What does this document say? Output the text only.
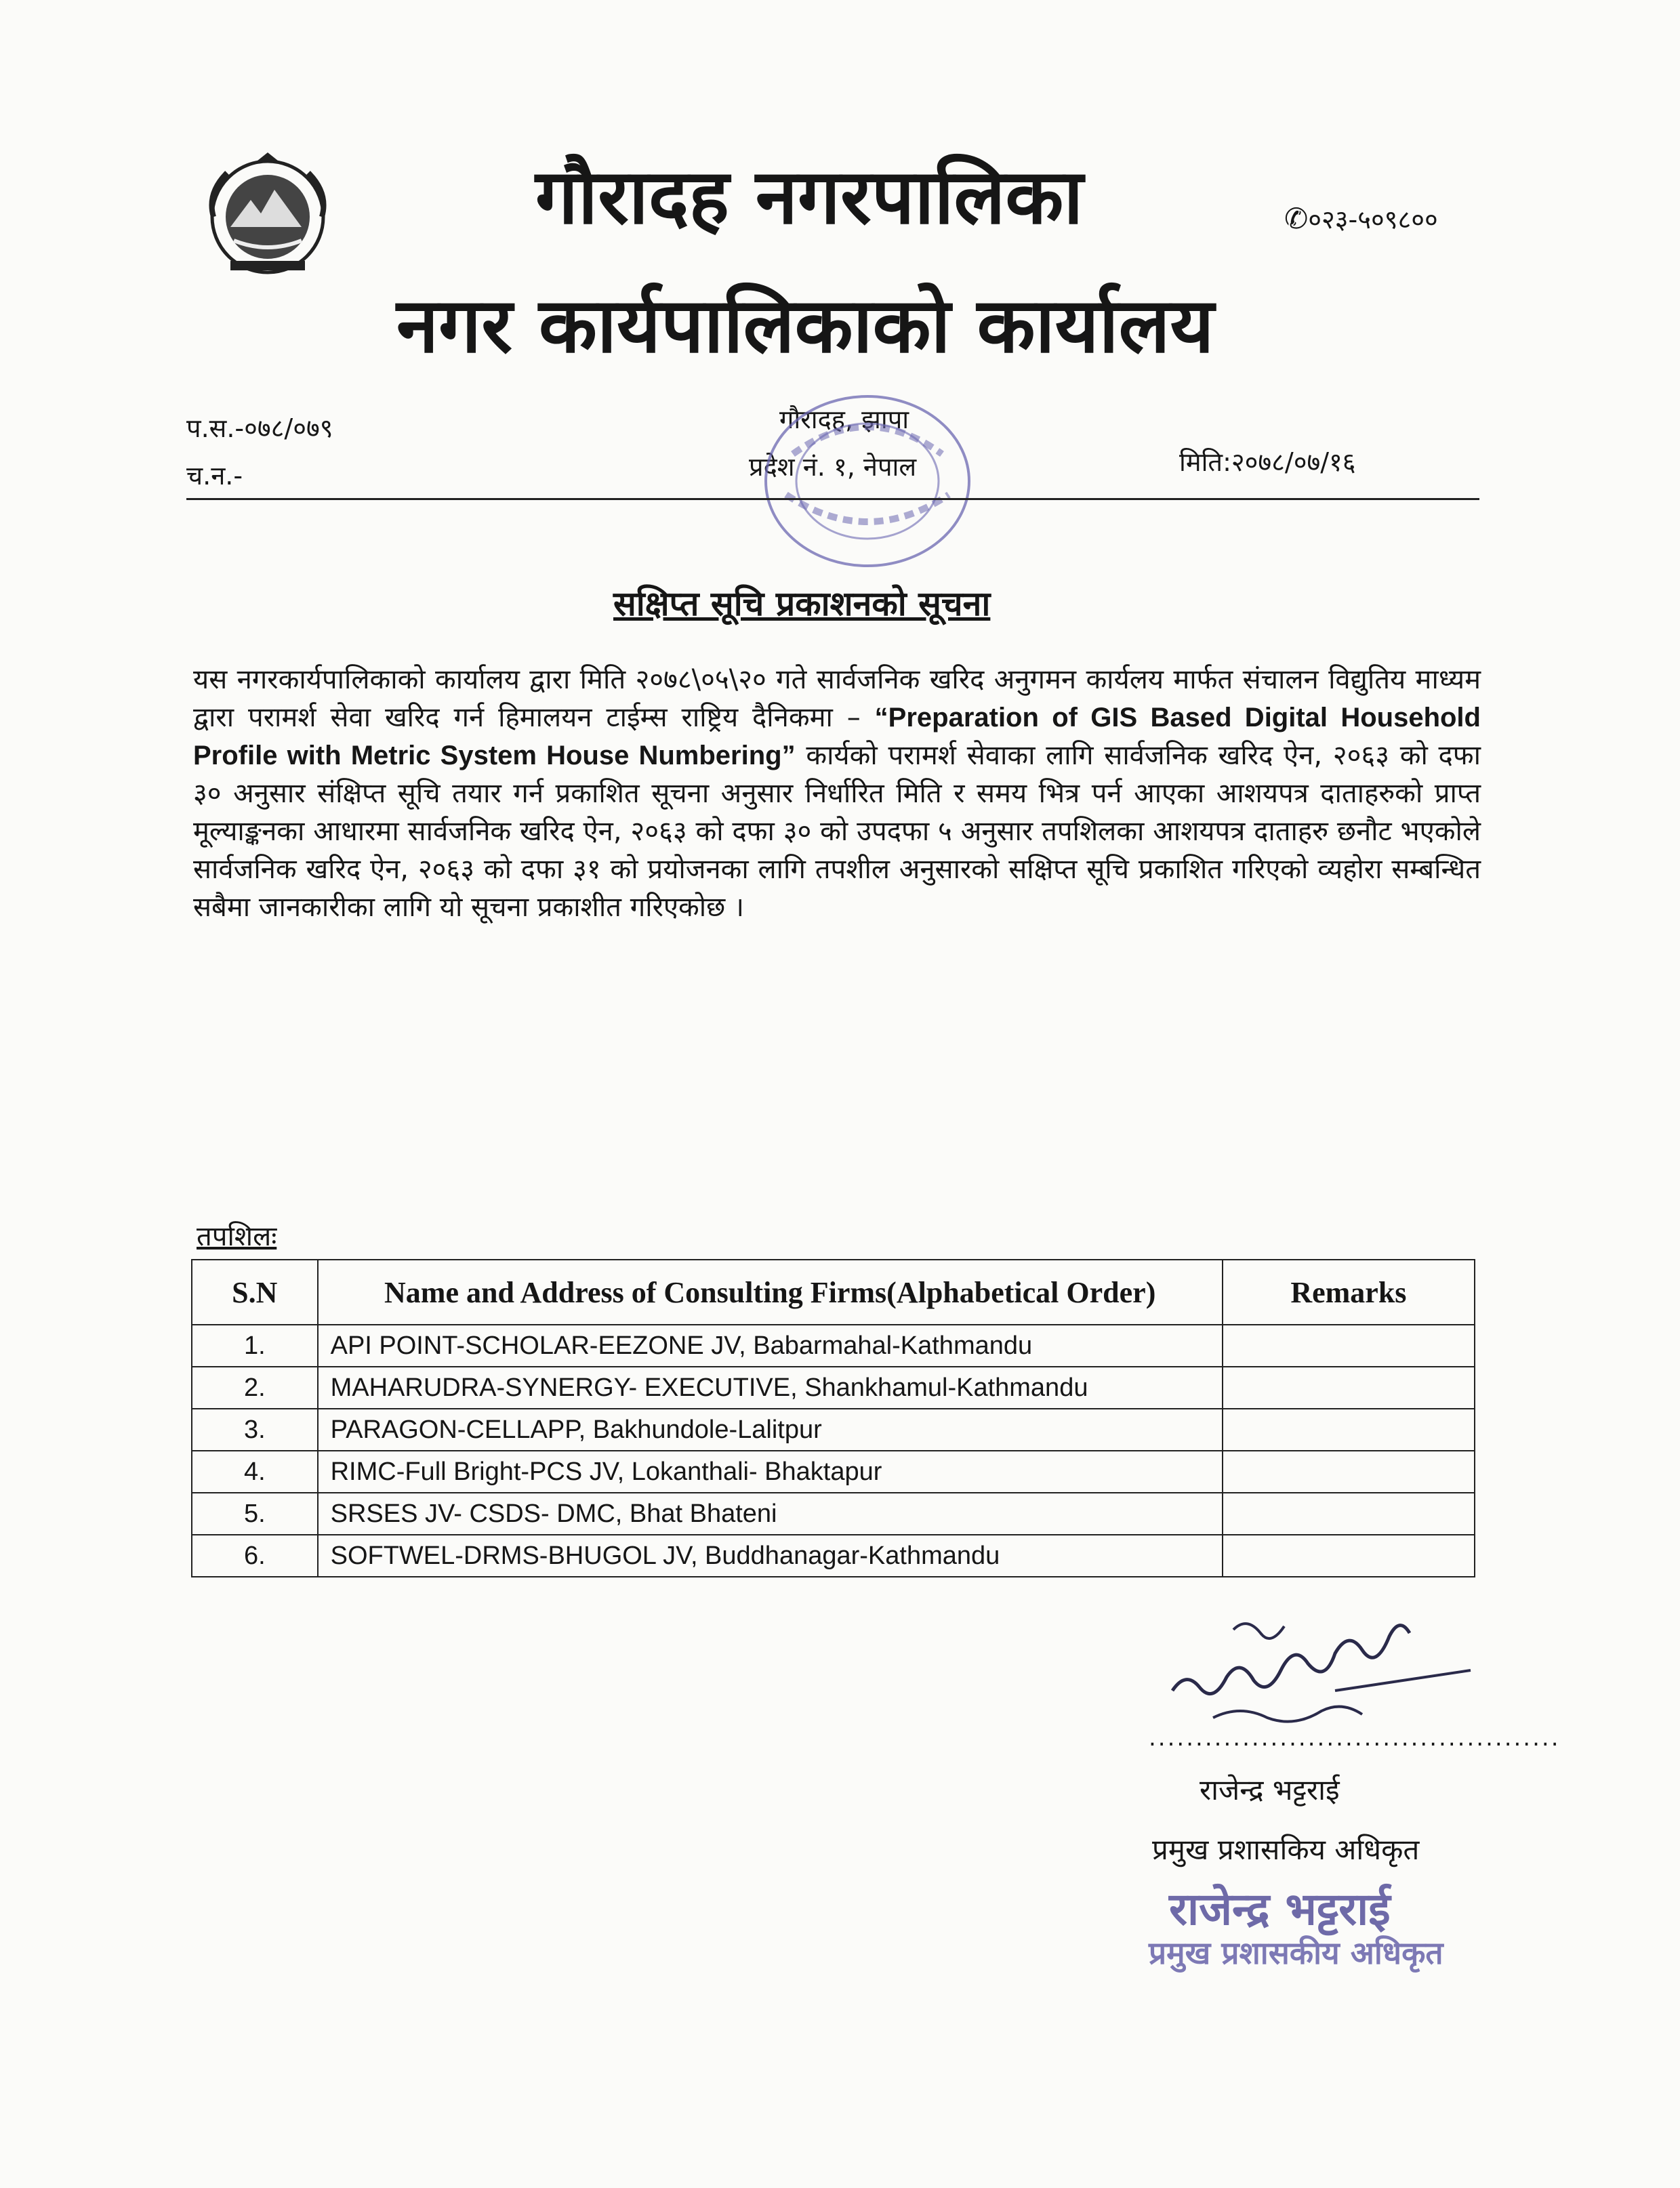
गौरादह नगरपालिका
नगर कार्यपालिकाको कार्यालय
✆०२३-५०९८००
प.स.-०७८/०७९
च.न.-
गौरादह, झापा
प्रदेश नं. १, नेपाल	मिति:२०७८/०७/१६
सक्षिप्त सूचि प्रकाशनको सूचना

यस नगरकार्यपालिकाको कार्यालय द्वारा मिति २०७८\०५\२० गते सार्वजनिक खरिद अनुगमन कार्यलय मार्फत संचालन विद्युतिय माध्यम द्वारा परामर्श सेवा खरिद गर्न हिमालयन टाईम्स राष्ट्रिय दैनिकमा – “Preparation of GIS Based Digital Household Profile with Metric System House Numbering” कार्यको परामर्श सेवाका लागि सार्वजनिक खरिद ऐन, २०६३ को दफा ३० अनुसार संक्षिप्त सूचि तयार गर्न प्रकाशित सूचना अनुसार निर्धारित मिति र समय भित्र पर्न आएका आशयपत्र दाताहरुको प्राप्त मूल्याङ्कनका आधारमा सार्वजनिक खरिद ऐन, २०६३ को दफा ३० को उपदफा ५ अनुसार तपशिलका आशयपत्र दाताहरु छनौट भएकोले सार्वजनिक खरिद ऐन, २०६३ को दफा ३१ को प्रयोजनका लागि तपशील अनुसारको सक्षिप्त सूचि प्रकाशित गरिएको व्यहोरा सम्बन्धित सबैमा जानकारीका लागि यो सूचना प्रकाशीत गरिएकोछ ।

तपशिलः
S.N	Name and Address of Consulting Firms(Alphabetical Order)	Remarks
1.	API POINT-SCHOLAR-EEZONE JV, Babarmahal-Kathmandu	
2.	MAHARUDRA-SYNERGY- EXECUTIVE, Shankhamul-Kathmandu	
3.	PARAGON-CELLAPP, Bakhundole-Lalitpur	
4.	RIMC-Full Bright-PCS JV, Lokanthali- Bhaktapur	
5.	SRSES JV- CSDS- DMC, Bhat Bhateni	
6.	SOFTWEL-DRMS-BHUGOL JV, Buddhanagar-Kathmandu	
............................................
राजेन्द्र भट्टराई
प्रमुख प्रशासकिय अधिकृत
राजेन्द्र भट्टराई
प्रमुख प्रशासकीय अधिकृत
